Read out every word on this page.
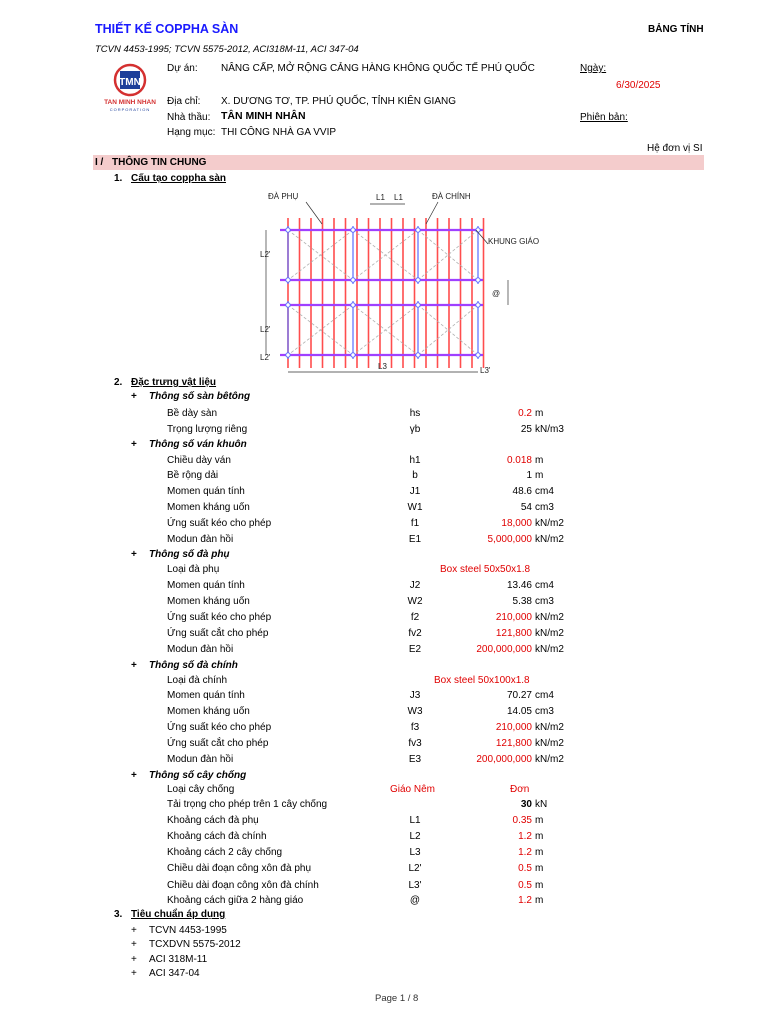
THIẾT KẾ COPPHA SÀN	BẢNG TÍNH
TCVN 4453-1995; TCVN 5575-2012, ACI318M-11, ACI 347-04
TMN
TAN MINH NHAN
CORPORATION
Dự án: NÂNG CẤP, MỞ RỘNG CẢNG HÀNG KHÔNG QUỐC TẾ PHÚ QUỐC	Ngày:
6/30/2025
Địa chỉ: X. DƯƠNG TƠ, TP. PHÚ QUỐC, TỈNH KIÊN GIANG
Nhà thầu: TÂN MINH NHÂN	Phiên bản:
Hạng mục: THI CÔNG NHÀ GA VVIP
Hệ đơn vị SI
I / THÔNG TIN CHUNG
1. Cấu tạo coppha sàn
ĐÀ PHỤ	ĐÀ CHÍNH
KHUNG GIÁO
L1 L1
L3
L2'
L2'
L3'
L2'
@
2. Đặc trưng vật liệu
+ Thông số sàn bêtông
+ Thông số ván khuôn
+ Thông số đà phụ
+ Thông số đà chính
+ Thông số cây chống
Bề dày sàn	hs	0.2 m
Trọng lượng riêng	γb	25 kN/m3
Chiều dày ván	h1	0.018 m
Bề rộng dải	b	1 m
Momen quán tính	J1	48.6 cm4
Momen kháng uốn	W1	54 cm3
Ứng suất kéo cho phép	f1	18,000 kN/m2
Modun đàn hồi	E1	5,000,000 kN/m2
Loại đà phụ	Box steel 50x50x1.8
Momen quán tính	J2	13.46 cm4
Momen kháng uốn	W2	5.38 cm3
Ứng suất kéo cho phép	f2	210,000 kN/m2
Ứng suất cắt cho phép	fv2	121,800 kN/m2
Modun đàn hồi	E2	200,000,000 kN/m2
Loại đà chính	Box steel 50x100x1.8
Momen quán tính	J3	70.27 cm4
Momen kháng uốn	W3	14.05 cm3
Ứng suất kéo cho phép	f3	210,000 kN/m2
Ứng suất cắt cho phép	fv3	121,800 kN/m2
Modun đàn hồi	E3	200,000,000 kN/m2
Loại cây chống	Giáo Nêm	Đơn
Tải trọng cho phép trên 1 cây chống	30 kN
Khoảng cách đà phụ	L1	0.35 m
Khoảng cách đà chính	L2	1.2 m
Khoảng cách 2 cây chống	L3	1.2 m
Chiều dài đoạn công xôn đà phụ	L2'	0.5 m
Chiều dài đoạn công xôn đà chính	L3'	0.5 m
Khoảng cách giữa 2 hàng giáo	@	1.2 m
3. Tiêu chuẩn áp dụng
+ TCVN 4453-1995
+ TCXDVN 5575-2012
+ ACI 318M-11
+ ACI 347-04
Page 1 / 8
